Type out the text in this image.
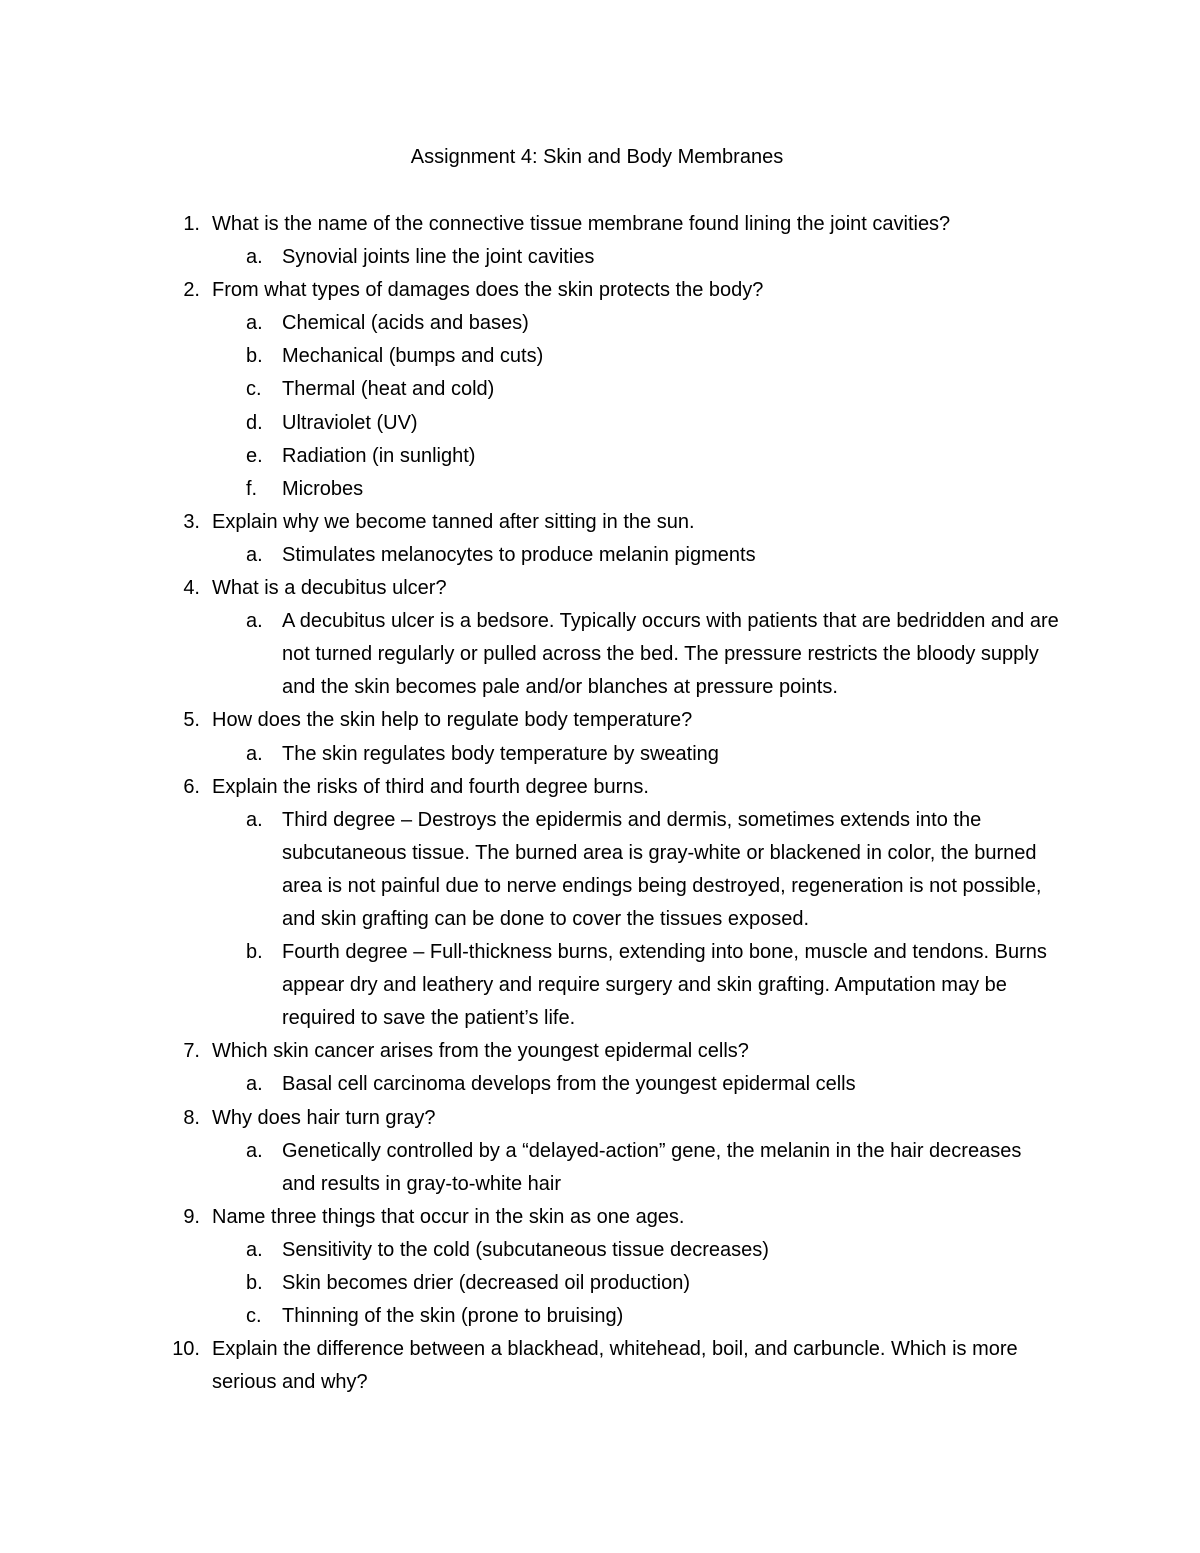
Assignment 4: Skin and Body Membranes
1. What is the name of the connective tissue membrane found lining the joint cavities?
a. Synovial joints line the joint cavities
2. From what types of damages does the skin protects the body?
a. Chemical (acids and bases)
b. Mechanical (bumps and cuts)
c.	Thermal (heat and cold)
d. Ultraviolet (UV)
e. Radiation (in sunlight)
f.	Microbes
3. Explain why we become tanned after sitting in the sun.
a. Stimulates melanocytes to produce melanin pigments
4. What is a decubitus ulcer?
a. A decubitus ulcer is a bedsore. Typically occurs with patients that are bedridden and are not turned regularly or pulled across the bed. The pressure restricts the bloody supply and the skin becomes pale and/or blanches at pressure points.
5. How does the skin help to regulate body temperature?
a. The skin regulates body temperature by sweating
6. Explain the risks of third and fourth degree burns.
a. Third degree – Destroys the epidermis and dermis, sometimes extends into the subcutaneous tissue. The burned area is gray-white or blackened in color, the burned area is not painful due to nerve endings being destroyed, regeneration is not possible, and skin grafting can be done to cover the tissues exposed.
b. Fourth degree – Full-thickness burns, extending into bone, muscle and tendons. Burns appear dry and leathery and require surgery and skin grafting. Amputation may be required to save the patient’s life.
7. Which skin cancer arises from the youngest epidermal cells?
a. Basal cell carcinoma develops from the youngest epidermal cells
8. Why does hair turn gray?
a. Genetically controlled by a “delayed-action” gene, the melanin in the hair decreases and results in gray-to-white hair
9. Name three things that occur in the skin as one ages.
a. Sensitivity to the cold (subcutaneous tissue decreases)
b. Skin becomes drier (decreased oil production)
c.	Thinning of the skin (prone to bruising)
10. Explain the difference between a blackhead, whitehead, boil, and carbuncle. Which is more serious and why?
